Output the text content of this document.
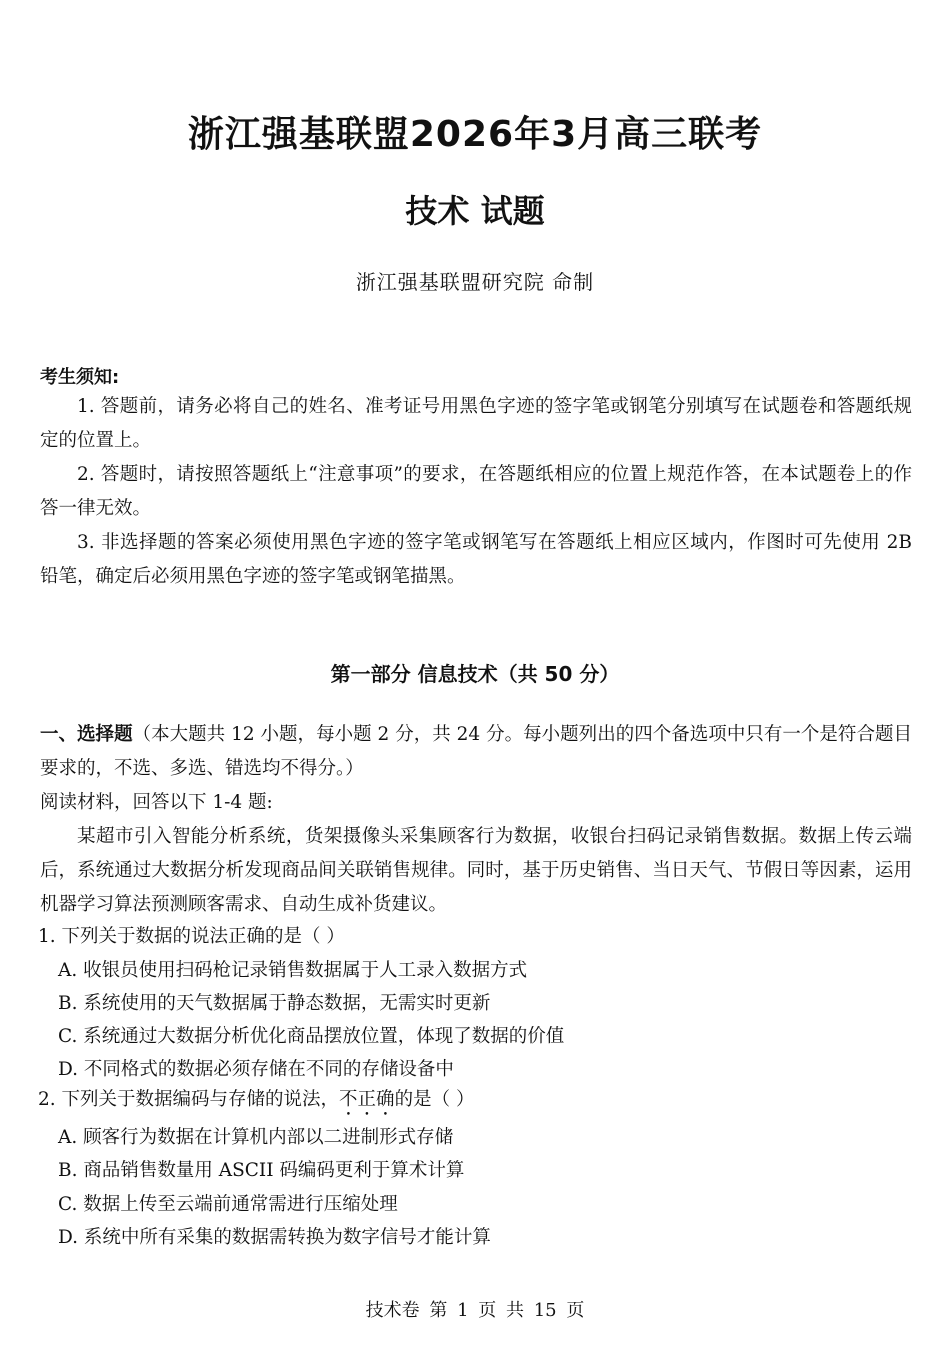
浙江强基联盟2026年3月高三联考
技术 试题
浙江强基联盟研究院 命制
考生须知:
1. 答题前，请务必将自己的姓名、准考证号用黑色字迹的签字笔或钢笔分别填写在试题卷和答题纸规定的位置上。
2. 答题时，请按照答题纸上“注意事项”的要求，在答题纸相应的位置上规范作答，在本试题卷上的作答一律无效。
3. 非选择题的答案必须使用黑色字迹的签字笔或钢笔写在答题纸上相应区域内，作图时可先使用 2B 铅笔，确定后必须用黑色字迹的签字笔或钢笔描黑。
第一部分 信息技术（共 50 分）
一、选择题（本大题共 12 小题，每小题 2 分，共 24 分。每小题列出的四个备选项中只有一个是符合题目要求的，不选、多选、错选均不得分。）
阅读材料，回答以下 1-4 题:
某超市引入智能分析系统，货架摄像头采集顾客行为数据，收银台扫码记录销售数据。数据上传云端后，系统通过大数据分析发现商品间关联销售规律。同时，基于历史销售、当日天气、节假日等因素，运用机器学习算法预测顾客需求、自动生成补货建议。
1. 下列关于数据的说法正确的是（ ）
A. 收银员使用扫码枪记录销售数据属于人工录入数据方式
B. 系统使用的天气数据属于静态数据，无需实时更新
C. 系统通过大数据分析优化商品摆放位置，体现了数据的价值
D. 不同格式的数据必须存储在不同的存储设备中
2. 下列关于数据编码与存储的说法，不正确的是（ ）
A. 顾客行为数据在计算机内部以二进制形式存储
B. 商品销售数量用 ASCII 码编码更利于算术计算
C. 数据上传至云端前通常需进行压缩处理
D. 系统中所有采集的数据需转换为数字信号才能计算
技术卷 第 1 页 共 15 页
